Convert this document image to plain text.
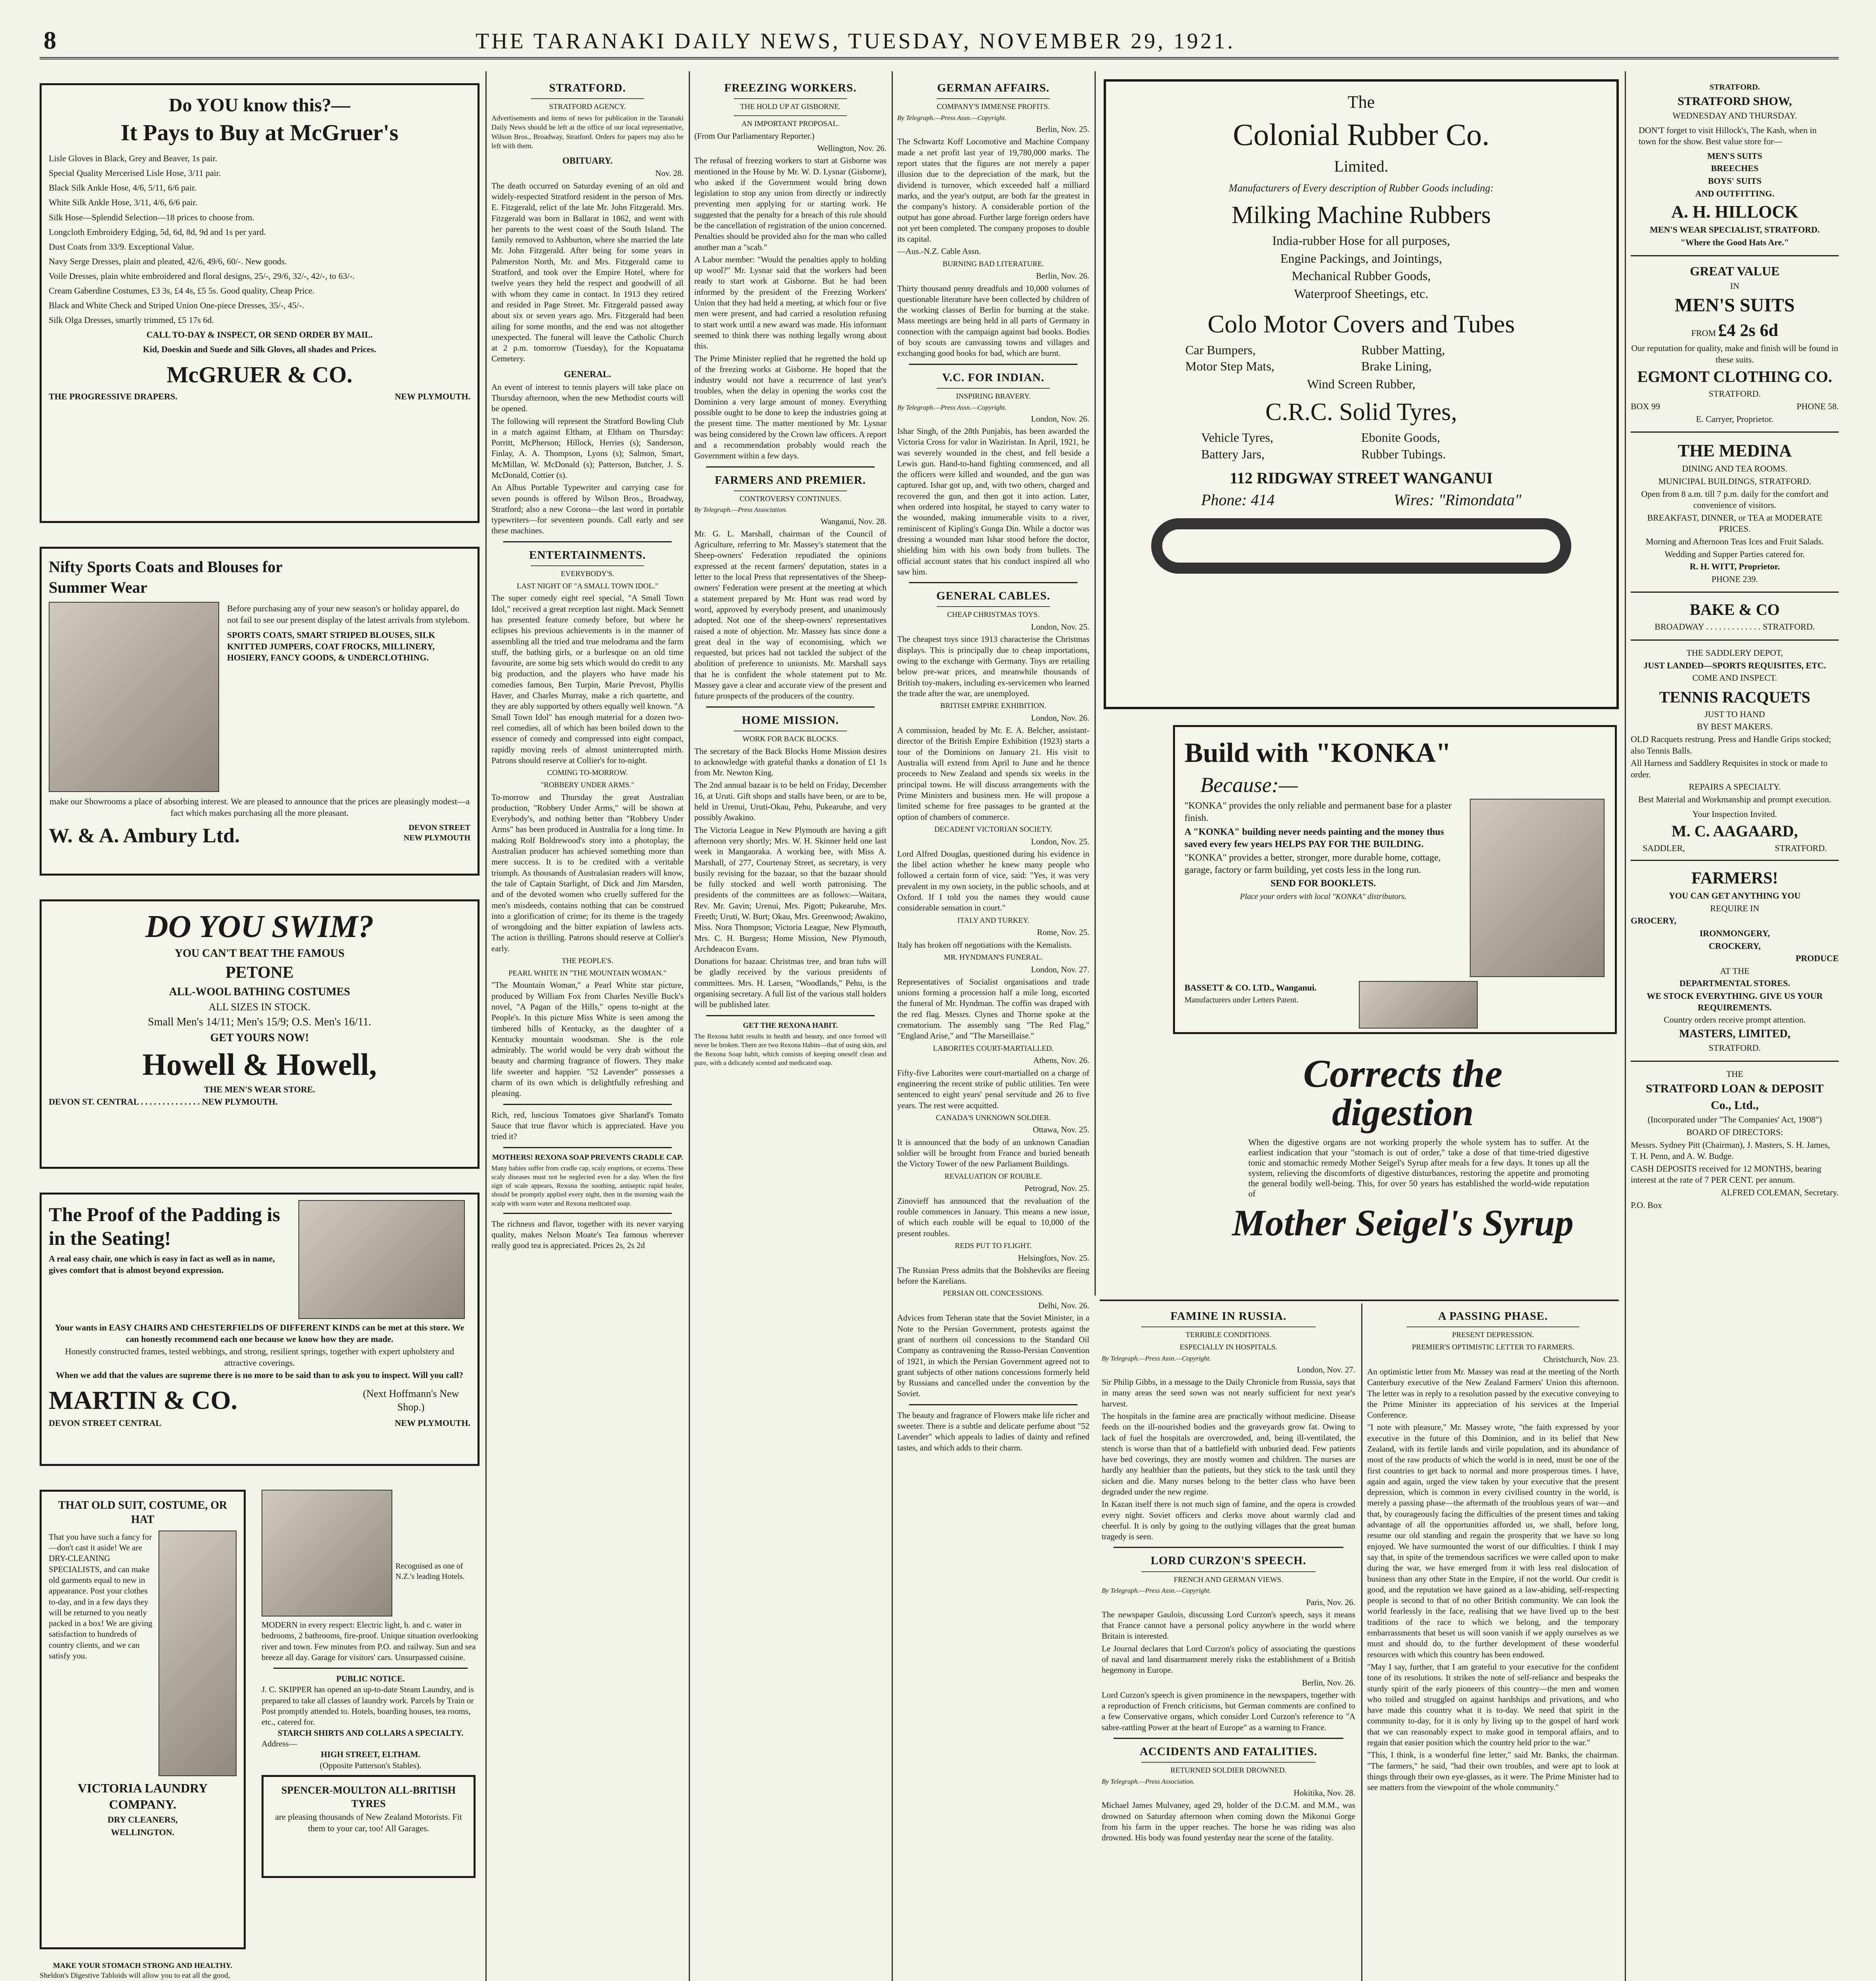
8	THE TARANAKI DAILY NEWS, TUESDAY, NOVEMBER 29, 1921.
Do YOU know this?—
It Pays to Buy at McGruer's

Lisle Gloves in Black, Grey and Beaver, 1s pair.

Special Quality Mercerised Lisle Hose, 3/11 pair.

Black Silk Ankle Hose, 4/6, 5/11, 6/6 pair.

White Silk Ankle Hose, 3/11, 4/6, 6/6 pair.

Silk Hose—Splendid Selection—18 prices to choose from.

Longcloth Embroidery Edging, 5d, 6d, 8d, 9d and 1s per yard.

Dust Coats from 33/9. Exceptional Value.

Navy Serge Dresses, plain and pleated, 42/6, 49/6, 60/-. New goods.

Voile Dresses, plain white embroidered and floral designs, 25/-, 29/6, 32/-, 42/-, to 63/-.

Cream Gaberdine Costumes, £3 3s, £4 4s, £5 5s. Good quality, Cheap Price.

Black and White Check and Striped Union One-piece Dresses, 35/-, 45/-.

Silk Olga Dresses, smartly trimmed, £5 17s 6d.

CALL TO-DAY & INSPECT, OR SEND ORDER BY MAIL.

Kid, Doeskin and Suede and Silk Gloves, all shades and Prices.

McGRUER & CO.
THE PROGRESSIVE DRAPERS.	NEW PLYMOUTH.
Nifty Sports Coats and Blouses for Summer Wear

Before purchasing any of your new season's or holiday apparel, do not fail to see our present display of the latest arrivals from stylebom.

SPORTS COATS, SMART STRIPED BLOUSES, SILK KNITTED JUMPERS, COAT FROCKS, MILLINERY, HOSIERY, FANCY GOODS, & UNDERCLOTHING.

make our Showrooms a place of absorbing interest. We are pleased to announce that the prices are pleasingly modest—a fact which makes purchasing all the more pleasant.

W. & A. Ambury Ltd.	DEVON STREET NEW PLYMOUTH
DO YOU SWIM?

YOU CAN'T BEAT THE FAMOUS

PETONE

ALL-WOOL BATHING COSTUMES

ALL SIZES IN STOCK.

Small Men's 14/11; Men's 15/9; O.S. Men's 16/11.

GET YOURS NOW!

Howell & Howell,

THE MEN'S WEAR STORE.

DEVON ST. CENTRAL . . . . . . . . . . . . . . NEW PLYMOUTH.

The Proof of the Padding is in the Seating!

A real easy chair, one which is easy in fact as well as in name, gives comfort that is almost beyond expression.

Your wants in EASY CHAIRS AND CHESTERFIELDS OF DIFFERENT KINDS can be met at this store. We can honestly recommend each one because we know how they are made.

Honestly constructed frames, tested webbings, and strong, resilient springs, together with expert upholstery and attractive coverings.

When we add that the values are supreme there is no more to be said than to ask you to inspect. Will you call?

MARTIN & CO.	(Next Hoffmann's New Shop.)
DEVON STREET CENTRAL	NEW PLYMOUTH.

THAT OLD SUIT, COSTUME, OR HAT

That you have such a fancy for—don't cast it aside! We are DRY-CLEANING SPECIALISTS, and can make old garments equal to new in appearance. Post your clothes to-day, and in a few days they will be returned to you neatly packed in a box! We are giving satisfaction to hundreds of country clients, and we can satisfy you.

VICTORIA LAUNDRY COMPANY.

DRY CLEANERS,

WELLINGTON.

MAKE YOUR STOMACH STRONG AND HEALTHY.

Sheldon's Digestive Tabloids will allow you to eat all the good,

Recognised as one of N.Z.'s leading Hotels.

MODERN in every respect: Electric light, h. and c. water in bedrooms, 2 bathrooms, fire-proof. Unique situation overlooking river and town. Few minutes from P.O. and railway. Sun and sea breeze all day. Garage for visitors' cars. Unsurpassed cuisine.

PUBLIC NOTICE.

J. C. SKIPPER has opened an up-to-date Steam Laundry, and is prepared to take all classes of laundry work. Parcels by Train or Post promptly attended to. Hotels, boarding houses, tea rooms, etc., catered for.

STARCH SHIRTS AND COLLARS A SPECIALTY.

Address—

HIGH STREET, ELTHAM.

(Opposite Patterson's Stables).

SPENCER-MOULTON ALL-BRITISH TYRES

are pleasing thousands of New Zealand Motorists. Fit them to your car, too! All Garages.

STRATFORD.
STRATFORD AGENCY.

Advertisements and items of news for publication in the Taranaki Daily News should be left at the office of our local representative, Wilson Bros., Broadway, Stratford. Orders for papers may also be left with them.

OBITUARY.

Nov. 28.

The death occurred on Saturday evening of an old and widely-respected Stratford resident in the person of Mrs. E. Fitzgerald, relict of the late Mr. John Fitzgerald. Mrs. Fitzgerald was born in Ballarat in 1862, and went with her parents to the west coast of the South Island. The family removed to Ashburton, where she married the late Mr. John Fitzgerald. After being for some years in Palmerston North, Mr. and Mrs. Fitzgerald came to Stratford, and took over the Empire Hotel, where for twelve years they held the respect and goodwill of all with whom they came in contact. In 1913 they retired and resided in Page Street. Mr. Fitzgerald passed away about six or seven years ago. Mrs. Fitzgerald had been ailing for some months, and the end was not altogether unexpected. The funeral will leave the Catholic Church at 2 p.m. tomorrow (Tuesday), for the Kopuatama Cemetery.

GENERAL.

An event of interest to tennis players will take place on Thursday afternoon, when the new Methodist courts will be opened.

The following will represent the Stratford Bowling Club in a match against Eltham, at Eltham on Thursday: Porritt, McPherson; Hillock, Herries (s); Sanderson, Finlay, A. A. Thompson, Lyons (s); Salmon, Smart, McMillan, W. McDonald (s); Patterson, Butcher, J. S. McDonald, Cottier (s).

An Albus Portable Typewriter and carrying case for seven pounds is offered by Wilson Bros., Broadway, Stratford; also a new Corona—the last word in portable typewriters—for seventeen pounds. Call early and see these machines.

ENTERTAINMENTS.
EVERYBODY'S.
LAST NIGHT OF "A SMALL TOWN IDOL."

The super comedy eight reel special, "A Small Town Idol," received a great reception last night. Mack Sennett has presented feature comedy before, but where he eclipses his previous achievements is in the manner of assembling all the tried and true melodrama and the farm stuff, the bathing girls, or a burlesque on an old time favourite, are some big sets which would do credit to any big production, and the players who have made his comedies famous, Ben Turpin, Marie Prevost, Phyllis Haver, and Charles Murray, make a rich quartette, and they are ably supported by others equally well known. "A Small Town Idol" has enough material for a dozen two-reel comedies, all of which has been boiled down to the essence of comedy and compressed into eight compact, rapidly moving reels of almost uninterrupted mirth. Patrons should reserve at Collier's for to-night.

COMING TO-MORROW.
"ROBBERY UNDER ARMS."

To-morrow and Thursday the great Australian production, "Robbery Under Arms," will be shown at Everybody's, and nothing better than "Robbery Under Arms" has been produced in Australia for a long time. In making Rolf Boldrewood's story into a photoplay, the Australian producer has achieved something more than mere success. It is to be credited with a veritable triumph. As thousands of Australasian readers will know, the tale of Captain Starlight, of Dick and Jim Marsden, and of the devoted women who cruelly suffered for the men's misdeeds, contains nothing that can be construed into a glorification of crime; for its theme is the tragedy of wrongdoing and the bitter expiation of lawless acts. The action is thrilling. Patrons should reserve at Collier's early.

THE PEOPLE'S.
PEARL WHITE IN "THE MOUNTAIN WOMAN."

"The Mountain Woman," a Pearl White star picture, produced by William Fox from Charles Neville Buck's novel, "A Pagan of the Hills," opens to-night at the People's. In this picture Miss White is seen among the timbered hills of Kentucky, as the daughter of a Kentucky mountain woodsman. She is the role admirably. The world would be very drab without the beauty and charming fragrance of flowers. They make life sweeter and happier. "52 Lavender" possesses a charm of its own which is delightfully refreshing and pleasing.

Rich, red, luscious Tomatoes give Sharland's Tomato Sauce that true flavor which is appreciated. Have you tried it?

MOTHERS! REXONA SOAP PREVENTS CRADLE CAP.

Many babies suffer from cradle cap, scaly eruptions, or eczema. These scaly diseases must not be neglected even for a day. When the first sign of scale appears, Rexona the soothing, antiseptic rapid healer, should be promptly applied every night, then in the morning wash the scalp with warm water and Rexona medicated soap.

The richness and flavor, together with its never varying quality, makes Nelson Moate's Tea famous wherever really good tea is appreciated. Prices 2s, 2s 2d

FREEZING WORKERS.
THE HOLD UP AT GISBORNE.
AN IMPORTANT PROPOSAL.

(From Our Parliamentary Reporter.)

Wellington, Nov. 26.

The refusal of freezing workers to start at Gisborne was mentioned in the House by Mr. W. D. Lysnar (Gisborne), who asked if the Government would bring down legislation to stop any union from directly or indirectly preventing men applying for or starting work. He suggested that the penalty for a breach of this rule should be the cancellation of registration of the union concerned. Penalties should be provided also for the man who called another man a "scab."

A Labor member: "Would the penalties apply to holding up wool?" Mr. Lysnar said that the workers had been ready to start work at Gisborne. But he had been informed by the president of the Freezing Workers' Union that they had held a meeting, at which four or five men were present, and had carried a resolution refusing to start work until a new award was made. His informant seemed to think there was nothing legally wrong about this.

The Prime Minister replied that he regretted the hold up of the freezing works at Gisborne. He hoped that the industry would not have a recurrence of last year's troubles, when the delay in opening the works cost the Dominion a very large amount of money. Everything possible ought to be done to keep the industries going at the present time. The matter mentioned by Mr. Lysnar was being considered by the Crown law officers. A report and a recommendation probably would reach the Government within a few days.

FARMERS AND PREMIER.
CONTROVERSY CONTINUES.

By Telegraph.—Press Association.

Wanganui, Nov. 28.

Mr. G. L. Marshall, chairman of the Council of Agriculture, referring to Mr. Massey's statement that the Sheep-owners' Federation repudiated the opinions expressed at the recent farmers' deputation, states in a letter to the local Press that representatives of the Sheep-owners' Federation were present at the meeting at which a statement prepared by Mr. Hunt was read word by word, approved by everybody present, and unanimously adopted. Not one of the sheep-owners' representatives raised a note of objection. Mr. Massey has since done a great deal in the way of economising, which we requested, but prices had not tackled the subject of the abolition of preference to unionists. Mr. Marshall says that he is confident the whole statement put to Mr. Massey gave a clear and accurate view of the present and future prospects of the producers of the country.

HOME MISSION.
WORK FOR BACK BLOCKS.

The secretary of the Back Blocks Home Mission desires to acknowledge with grateful thanks a donation of £1 1s from Mr. Newton King.

The 2nd annual bazaar is to be held on Friday, December 16, at Uruti. Gift shops and stalls have been, or are to be, held in Urenui, Uruti-Okau, Pehu, Pukearuhe, and very possibly Awakino.

The Victoria League in New Plymouth are having a gift afternoon very shortly; Mrs. W. H. Skinner held one last week in Mangaoraka. A working bee, with Miss A. Marshall, of 277, Courtenay Street, as secretary, is very busily revising for the bazaar, so that the bazaar should be fully stocked and well worth patronising. The presidents of the committees are as follows:—Waitara, Rev. Mr. Gavin; Urenui, Mrs. Pigott; Pukearuhe, Mrs. Freeth; Uruti, W. Burt; Okau, Mrs. Greenwood; Awakino, Miss. Nora Thompson; Victoria League, New Plymouth, Mrs. C. H. Burgess; Home Mission, New Plymouth, Archdeacon Evans.

Donations for bazaar. Christmas tree, and bran tubs will be gladly received by the various presidents of committees. Mrs. H. Larsen, "Woodlands," Pehu, is the organising secretary. A full list of the various stall holders will be published later.

GET THE REXONA HABIT.

The Rexona habit results in health and beauty, and once formed will never be broken. There are two Rexona Habits—that of using skin, and the Rexona Soap habit, which consists of keeping oneself clean and pure, with a delicately scented and medicated soap.

GERMAN AFFAIRS.
COMPANY'S IMMENSE PROFITS.

By Telegraph.—Press Assn.—Copyright.

Berlin, Nov. 25.

The Schwartz Koff Locomotive and Machine Company made a net profit last year of 19,780,000 marks. The report states that the figures are not merely a paper illusion due to the depreciation of the mark, but the dividend is turnover, which exceeded half a milliard marks, and the year's output, are both far the greatest in the company's history. A considerable portion of the output has gone abroad. Further large foreign orders have not yet been completed. The company proposes to double its capital.

—Aus.-N.Z. Cable Assn.

BURNING BAD LITERATURE.

Berlin, Nov. 26.

Thirty thousand penny dreadfuls and 10,000 volumes of questionable literature have been collected by children of the working classes of Berlin for burning at the stake. Mass meetings are being held in all parts of Germany in connection with the campaign against bad books. Bodies of boy scouts are canvassing towns and villages and exchanging good books for bad, which are burnt.

V.C. FOR INDIAN.
INSPIRING BRAVERY.

By Telegraph.—Press Assn.—Copyright.

London, Nov. 26.

Ishar Singh, of the 28th Punjabis, has been awarded the Victoria Cross for valor in Waziristan. In April, 1921, he was severely wounded in the chest, and fell beside a Lewis gun. Hand-to-hand fighting commenced, and all the officers were killed and wounded, and the gun was captured. Ishar got up, and, with two others, charged and recovered the gun, and then got it into action. Later, when ordered into hospital, he stayed to carry water to the wounded, making innumerable visits to a river, reminiscent of Kipling's Gunga Din. While a doctor was dressing a wounded man Ishar stood before the doctor, shielding him with his own body from bullets. The official account states that his conduct inspired all who saw him.

GENERAL CABLES.
CHEAP CHRISTMAS TOYS.

London, Nov. 25.

The cheapest toys since 1913 characterise the Christmas displays. This is principally due to cheap importations, owing to the exchange with Germany. Toys are retailing below pre-war prices, and meanwhile thousands of British toy-makers, including ex-servicemen who learned the trade after the war, are unemployed.

BRITISH EMPIRE EXHIBITION.

London, Nov. 26.

A commission, headed by Mr. E. A. Belcher, assistant-director of the British Empire Exhibition (1923) starts a tour of the Dominions on January 21. His visit to Australia will extend from April to June and he thence proceeds to New Zealand and spends six weeks in the principal towns. He will discuss arrangements with the Prime Ministers and business men. He will propose a limited scheme for free passages to be granted at the option of chambers of commerce.

DECADENT VICTORIAN SOCIETY.

London, Nov. 25.

Lord Alfred Douglas, questioned during his evidence in the libel action whether he knew many people who followed a certain form of vice, said: "Yes, it was very prevalent in my own society, in the public schools, and at Oxford. If I told you the names they would cause considerable sensation in court."

ITALY AND TURKEY.

Rome, Nov. 25.

Italy has broken off negotiations with the Kemalists.

MR. HYNDMAN'S FUNERAL.

London, Nov. 27.

Representatives of Socialist organisations and trade unions forming a procession half a mile long, escorted the funeral of Mr. Hyndman. The coffin was draped with the red flag. Messrs. Clynes and Thorne spoke at the crematorium. The assembly sang "The Red Flag," "England Arise," and "The Marseillaise."

LABORITES COURT-MARTIALLED.

Athens, Nov. 26.

Fifty-five Laborites were court-martialled on a charge of engineering the recent strike of public utilities. Ten were sentenced to eight years' penal servitude and 26 to five years. The rest were acquitted.

CANADA'S UNKNOWN SOLDIER.

Ottawa, Nov. 25.

It is announced that the body of an unknown Canadian soldier will be brought from France and buried beneath the Victory Tower of the new Parliament Buildings.

REVALUATION OF ROUBLE.

Petrograd, Nov. 25.

Zinovieff has announced that the revaluation of the rouble commences in January. This means a new issue, of which each rouble will be equal to 10,000 of the present roubles.

REDS PUT TO FLIGHT.

Helsingfors, Nov. 25.

The Russian Press admits that the Bolsheviks are fleeing before the Karelians.

PERSIAN OIL CONCESSIONS.

Delhi, Nov. 26.

Advices from Teheran state that the Soviet Minister, in a Note to the Persian Government, protests against the grant of northern oil concessions to the Standard Oil Company as contravening the Russo-Persian Convention of 1921, in which the Persian Government agreed not to grant subjects of other nations concessions formerly held by Russians and cancelled under the convention by the Soviet.

The beauty and fragrance of Flowers make life richer and sweeter. There is a subtle and delicate perfume about "52 Lavender" which appeals to ladies of dainty and refined tastes, and which adds to their charm.

The

Colonial Rubber Co.

Limited.

Manufacturers of Every description of Rubber Goods including:

Milking Machine Rubbers

India-rubber Hose for all purposes,

Engine Packings, and Jointings,

Mechanical Rubber Goods,

Waterproof Sheetings, etc.

Colo Motor Covers and Tubes

Car Bumpers,	Rubber Matting,
Motor Step Mats,	Brake Lining,

Wind Screen Rubber,

C.R.C. Solid Tyres,

Vehicle Tyres,	Ebonite Goods,
Battery Jars,	Rubber Tubings.

112 RIDGWAY STREET WANGANUI

Phone: 414	Wires: "Rimondata"
Build with "KONKA"
Because:—

"KONKA" provides the only reliable and permanent base for a plaster finish.

A "KONKA" building never needs painting and the money thus saved every few years HELPS PAY FOR THE BUILDING.

"KONKA" provides a better, stronger, more durable home, cottage, garage, factory or farm building, yet costs less in the long run.

SEND FOR BOOKLETS.

Place your orders with local "KONKA" distributors.

BASSETT & CO. LTD., Wanganui.

Manufacturers under Letters Patent.

Corrects the

digestion

When the digestive organs are not working properly the whole system has to suffer. At the earliest indication that your "stomach is out of order," take a dose of that time-tried digestive tonic and stomachic remedy Mother Seigel's Syrup after meals for a few days. It tones up all the system, relieving the discomforts of digestive disturbances, restoring the appetite and promoting the general bodily well-being. This, for over 50 years has established the world-wide reputation of

Mother Seigel's Syrup

FAMINE IN RUSSIA.
TERRIBLE CONDITIONS.
ESPECIALLY IN HOSPITALS.

By Telegraph.—Press Assn.—Copyright.

London, Nov. 27.

Sir Philip Gibbs, in a message to the Daily Chronicle from Russia, says that in many areas the seed sown was not nearly sufficient for next year's harvest.

The hospitals in the famine area are practically without medicine. Disease feeds on the ill-nourished bodies and the graveyards grow fat. Owing to lack of fuel the hospitals are overcrowded, and, being ill-ventilated, the stench is worse than that of a battlefield with unburied dead. Few patients have bed coverings, they are mostly women and children. The nurses are hardly any healthier than the patients, but they stick to the task until they sicken and die. Many nurses belong to the better class who have been degraded under the new regime.

In Kazan itself there is not much sign of famine, and the opera is crowded every night. Soviet officers and clerks move about warmly clad and cheerful. It is only by going to the outlying villages that the great human tragedy is seen.

LORD CURZON'S SPEECH.
FRENCH AND GERMAN VIEWS.

By Telegraph.—Press Assn.—Copyright.

Paris, Nov. 26.

The newspaper Gaulois, discussing Lord Curzon's speech, says it means that France cannot have a personal policy anywhere in the world where Britain is interested.

Le Journal declares that Lord Curzon's policy of associating the questions of naval and land disarmament merely risks the establishment of a British hegemony in Europe.

Berlin, Nov. 26.

Lord Curzon's speech is given prominence in the newspapers, together with a reproduction of French criticisms, but German comments are confined to a few Conservative organs, which consider Lord Curzon's reference to "A sabre-rattling Power at the heart of Europe" as a warning to France.

ACCIDENTS AND FATALITIES.
RETURNED SOLDIER DROWNED.

By Telegraph.—Press Association.

Hokitika, Nov. 28.

Michael James Mulvaney, aged 29, holder of the D.C.M. and M.M., was drowned on Saturday afternoon when coming down the Mikonui Gorge from his farm in the upper reaches. The horse he was riding was also drowned. His body was found yesterday near the scene of the fatality.

A PASSING PHASE.
PRESENT DEPRESSION.
PREMIER'S OPTIMISTIC LETTER TO FARMERS.

Christchurch, Nov. 23.

An optimistic letter from Mr. Massey was read at the meeting of the North Canterbury executive of the New Zealand Farmers' Union this afternoon. The letter was in reply to a resolution passed by the executive conveying to the Prime Minister its appreciation of his services at the Imperial Conference.

"I note with pleasure," Mr. Massey wrote, "the faith expressed by your executive in the future of this Dominion, and in its belief that New Zealand, with its fertile lands and virile population, and its abundance of most of the raw products of which the world is in need, must be one of the first countries to get back to normal and more prosperous times. I have, again and again, urged the view taken by your executive that the present depression, which is common in every civilised country in the world, is merely a passing phase—the aftermath of the troublous years of war—and that, by courageously facing the difficulties of the present times and taking advantage of all the opportunities afforded us, we shall, before long, resume our old standing and regain the prosperity that we have so long enjoyed. We have surmounted the worst of our difficulties. I think I may say that, in spite of the tremendous sacrifices we were called upon to make during the war, we have emerged from it with less real dislocation of business than any other State in the Empire, if not the world. Our credit is good, and the reputation we have gained as a law-abiding, self-respecting people is second to that of no other British community. We can look the world fearlessly in the face, realising that we have lived up to the best traditions of the race to which we belong, and the temporary embarrassments that beset us will soon vanish if we apply ourselves as we must and should do, to the further development of these wonderful resources with which this country has been endowed.

"May I say, further, that I am grateful to your executive for the confident tone of its resolutions. It strikes the note of self-reliance and bespeaks the sturdy spirit of the early pioneers of this country—the men and women who toiled and struggled on against hardships and privations, and who have made this country what it is to-day. We need that spirit in the community to-day, for it is only by living up to the gospel of hard work that we can reasonably expect to make good in temporal affairs, and to regain that easier position which the country held prior to the war."

"This, I think, is a wonderful fine letter," said Mr. Banks, the chairman. "The farmers," he said, "had their own troubles, and were apt to look at things through their own eye-glasses, as it were. The Prime Minister had to see matters from the viewpoint of the whole community."

STRATFORD.

STRATFORD SHOW,

WEDNESDAY AND THURSDAY.

DON'T forget to visit Hillock's, The Kash, when in town for the show. Best value store for—

MEN'S SUITS

BREECHES

BOYS' SUITS

AND OUTFITTING.

A. H. HILLOCK

MEN'S WEAR SPECIALIST, STRATFORD.

"Where the Good Hats Are."

GREAT VALUE

IN

MEN'S SUITS

FROM £4 2s 6d

Our reputation for quality, make and finish will be found in these suits.

EGMONT CLOTHING CO.

STRATFORD.

BOX 99	PHONE 58.

E. Carryer, Proprietor.

THE MEDINA

DINING AND TEA ROOMS.

MUNICIPAL BUILDINGS, STRATFORD.

Open from 8 a.m. till 7 p.m. daily for the comfort and convenience of visitors.

BREAKFAST, DINNER, or TEA at MODERATE PRICES.

Morning and Afternoon Teas Ices and Fruit Salads.

Wedding and Supper Parties catered for.

R. H. WITT, Proprietor.

PHONE 239.

BAKE & CO

BROADWAY . . . . . . . . . . . . . STRATFORD.

THE SADDLERY DEPOT,

JUST LANDED—SPORTS REQUISITES, ETC.

COME AND INSPECT.

TENNIS RACQUETS

JUST TO HAND

BY BEST MAKERS.

OLD Racquets restrung. Press and Handle Grips stocked; also Tennis Balls.

All Harness and Saddlery Requisites in stock or made to order.

REPAIRS A SPECIALTY.

Best Material and Workmanship and prompt execution.

Your Inspection Invited.

M. C. AAGAARD,

SADDLER,	STRATFORD.

FARMERS!

YOU CAN GET ANYTHING YOU

REQUIRE IN

GROCERY,

IRONMONGERY,

CROCKERY,

PRODUCE

AT THE

DEPARTMENTAL STORES.

WE STOCK EVERYTHING. GIVE US YOUR REQUIREMENTS.

Country orders receive prompt attention.

MASTERS, LIMITED,

STRATFORD.

THE

STRATFORD LOAN & DEPOSIT

Co., Ltd.,

(Incorporated under "The Companies' Act, 1908")

BOARD OF DIRECTORS:

Messrs. Sydney Pitt (Chairman), J. Masters, S. H. James, T. H. Penn, and A. W. Budge.

CASH DEPOSITS received for 12 MONTHS, bearing interest at the rate of 7 PER CENT. per annum.

ALFRED COLEMAN, Secretary.

P.O. Box
